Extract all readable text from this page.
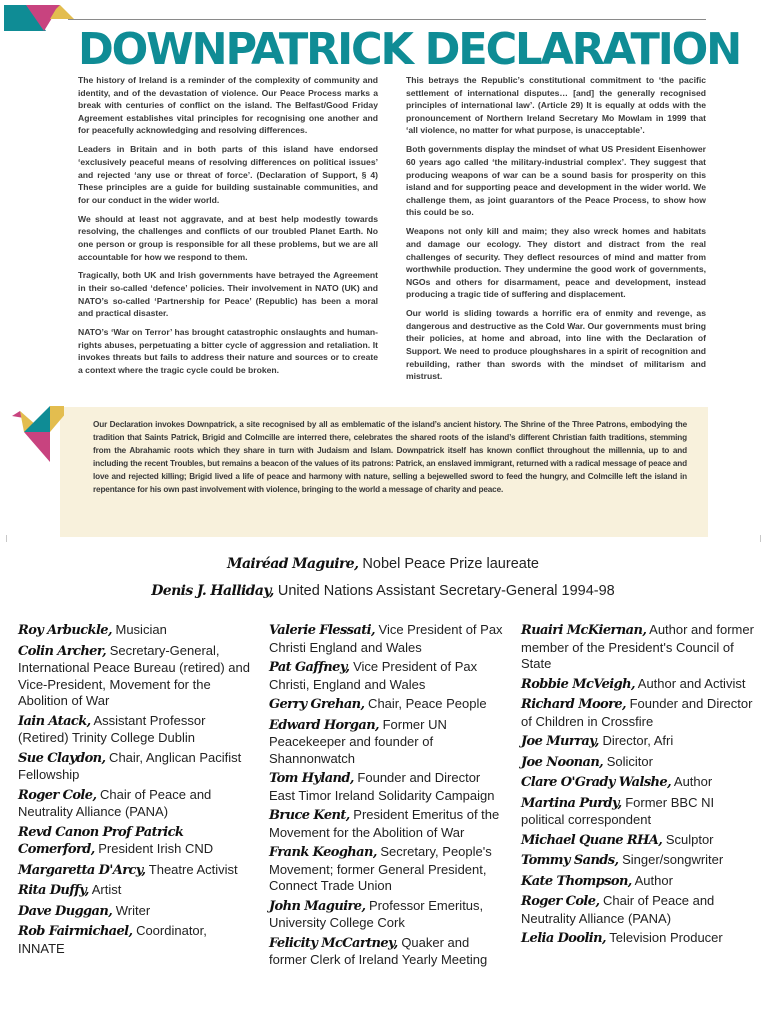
DOWNPATRICK DECLARATION

The history of Ireland is a reminder of the complexity of community and identity, and of the devastation of violence. Our Peace Process marks a break with centuries of conflict on the island. The Belfast/Good Friday Agreement establishes vital principles for recognising one another and for peacefully acknowledging and resolving differences.

Leaders in Britain and in both parts of this island have endorsed ‘exclusively peaceful means of resolving differences on political issues’ and rejected ‘any use or threat of force’. (Declaration of Support, § 4) These principles are a guide for building sustainable communities, and for our conduct in the wider world.

We should at least not aggravate, and at best help modestly towards resolving, the challenges and conflicts of our troubled Planet Earth. No one person or group is responsible for all these problems, but we are all accountable for how we respond to them.

Tragically, both UK and Irish governments have betrayed the Agreement in their so-called ‘defence’ policies. Their involvement in NATO (UK) and NATO’s so-called ‘Partnership for Peace’ (Republic) has been a moral and practical disaster.

NATO’s ‘War on Terror’ has brought catastrophic onslaughts and human-rights abuses, perpetuating a bitter cycle of aggression and retaliation. It invokes threats but fails to address their nature and sources or to create a context where the tragic cycle could be broken.

This betrays the Republic’s constitutional commitment to ‘the pacific settlement of international disputes… [and] the generally recognised principles of international law’. (Article 29) It is equally at odds with the pronouncement of Northern Ireland Secretary Mo Mowlam in 1999 that ‘all violence, no matter for what purpose, is unacceptable’.

Both governments display the mindset of what US President Eisenhower 60 years ago called ‘the military-industrial complex’. They suggest that producing weapons of war can be a sound basis for prosperity on this island and for supporting peace and development in the wider world. We challenge them, as joint guarantors of the Peace Process, to show how this could be so.

Weapons not only kill and maim; they also wreck homes and habitats and damage our ecology. They distort and distract from the real challenges of security. They deflect resources of mind and matter from worthwhile production. They undermine the good work of governments, NGOs and others for disarmament, peace and development, instead producing a tragic tide of suffering and displacement.

Our world is sliding towards a horrific era of enmity and revenge, as dangerous and destructive as the Cold War. Our governments must bring their policies, at home and abroad, into line with the Declaration of Support. We need to produce ploughshares in a spirit of recognition and rebuilding, rather than swords with the mindset of militarism and mistrust.

Our Declaration invokes Downpatrick, a site recognised by all as emblematic of the island’s ancient history. The Shrine of the Three Patrons, embodying the tradition that Saints Patrick, Brigid and Colmcille are interred there, celebrates the shared roots of the island’s different Christian faith traditions, stemming from the Abrahamic roots which they share in turn with Judaism and Islam. Downpatrick itself has known conflict throughout the millennia, up to and including the recent Troubles, but remains a beacon of the values of its patrons: Patrick, an enslaved immigrant, returned with a radical message of peace and love and rejected killing; Brigid lived a life of peace and harmony with nature, selling a bejewelled sword to feed the hungry, and Colmcille left the island in repentance for his own past involvement with violence, bringing to the world a message of charity and peace.

Mairéad Maguire, Nobel Peace Prize laureate
Denis J. Halliday, United Nations Assistant Secretary-General 1994-98
Roy Arbuckle, Musician
Colin Archer, Secretary-General, International Peace Bureau (retired) and Vice-President, Movement for the Abolition of War
Iain Atack, Assistant Professor (Retired) Trinity College Dublin
Sue Claydon, Chair, Anglican Pacifist Fellowship
Roger Cole, Chair of Peace and Neutrality Alliance (PANA)
Revd Canon Prof Patrick Comerford, President Irish CND
Margaretta D'Arcy, Theatre Activist
Rita Duffy, Artist
Dave Duggan, Writer
Rob Fairmichael, Coordinator, INNATE
Valerie Flessati, Vice President of Pax Christi England and Wales
Pat Gaffney, Vice President of Pax Christi, England and Wales
Gerry Grehan, Chair, Peace People
Edward Horgan, Former UN Peacekeeper and founder of Shannonwatch
Tom Hyland, Founder and Director East Timor Ireland Solidarity Campaign
Bruce Kent, President Emeritus of the Movement for the Abolition of War
Frank Keoghan, Secretary, People's Movement; former General President, Connect Trade Union
John Maguire, Professor Emeritus, University College Cork
Felicity McCartney, Quaker and former Clerk of Ireland Yearly Meeting
Ruairi McKiernan, Author and former member of the President's Council of State
Robbie McVeigh, Author and Activist
Richard Moore, Founder and Director of Children in Crossfire
Joe Murray, Director, Afri
Joe Noonan, Solicitor
Clare O'Grady Walshe, Author
Martina Purdy, Former BBC NI political correspondent
Michael Quane RHA, Sculptor
Tommy Sands, Singer/songwriter
Kate Thompson, Author
Roger Cole, Chair of Peace and Neutrality Alliance (PANA)
Lelia Doolin, Television Producer
